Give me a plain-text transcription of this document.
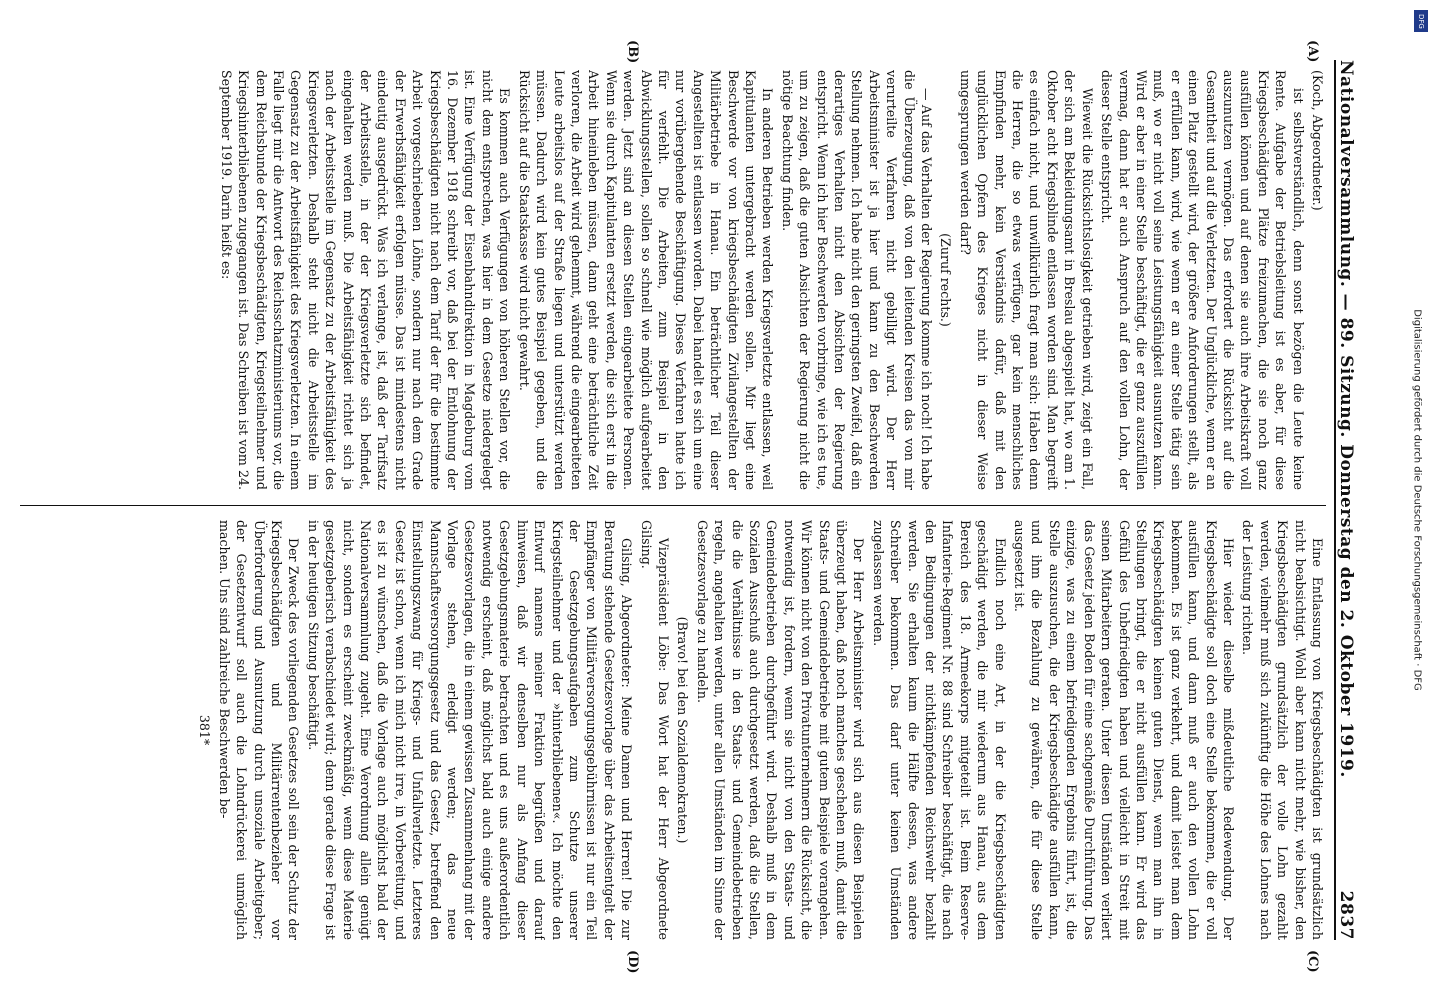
Nationalversammlung. — 89. Sitzung. Donnerstag den 2. Oktober 1919.
2837
(A)
(B)
(C)
(D)

(Koch, Abgeordneter.)

ist selbstverständlich, denn sonst bezögen die Leute keine Rente. Aufgabe der Betriebsleitung ist es aber, für diese Kriegsbeschädigten Plätze freizumachen, die sie noch ganz ausfüllen können und auf denen sie auch ihre Arbeitskraft voll auszunutzen vermögen. Das erfordert die Rücksicht auf die Gesamtheit und auf die Verletzten. Der Unglückliche, wenn er an einen Platz gestellt wird, der größere Anforderungen stellt, als er erfüllen kann, wird, wie wenn er an einer Stelle tätig sein muß, wo er nicht voll seine Leistungsfähigkeit ausnutzen kann. Wird er aber in einer Stelle beschäftigt, die er ganz auszufüllen vermag, dann hat er auch Anspruch auf den vollen Lohn, der dieser Stelle entspricht.

Wieweit die Rücksichtslosigkeit getrieben wird, zeigt ein Fall, der sich am Bekleidungsamt in Breslau abgespielt hat, wo am 1. Oktober acht Kriegsblinde entlassen worden sind. Man begreift es einfach nicht, und unwillkürlich fragt man sich: Haben denn die Herren, die so etwas verfügen, gar kein menschliches Empfinden mehr, kein Verständnis dafür, daß mit den unglücklichen Opfern des Krieges nicht in dieser Weise umgesprungen werden darf?

(Zuruf rechts.)

— Auf das Verhalten der Regierung komme ich noch! Ich habe die Überzeugung, daß von den leitenden Kreisen das von mir verurteilte Verfahren nicht gebilligt wird. Der Herr Arbeitsminister ist ja hier und kann zu den Beschwerden Stellung nehmen. Ich habe nicht den geringsten Zweifel, daß ein derartiges Verhalten nicht den Absichten der Regierung entspricht. Wenn ich hier Beschwerden vorbringe, wie ich es tue, um zu zeigen, daß die guten Absichten der Regierung nicht die nötige Beachtung finden.

In anderen Betrieben werden Kriegsverletzte entlassen, weil Kapitulanten untergebracht werden sollen. Mir liegt eine Beschwerde vor von kriegsbeschädigten Zivilangestellten der Militärbetriebe in Hanau. Ein beträchtlicher Teil dieser Angestellten ist entlassen worden. Dabei handelt es sich um eine nur vorübergehende Beschäftigung. Dieses Verfahren hatte ich für verfehlt. Die Arbeiten, zum Beispiel in den Abwicklungsstellen, sollen so schnell wie möglich aufgearbeitet werden. Jetzt sind an diesen Stellen eingearbeitete Personen. Wenn sie durch Kapitulanten ersetzt werden, die sich erst in die Arbeit hineinleben müssen, dann geht eine beträchtliche Zeit verloren, die Arbeit wird gehemmt, während die eingearbeiteten Leute arbeitslos auf der Straße liegen und unterstützt werden müssen. Dadurch wird kein gutes Beispiel gegeben, und die Rücksicht auf die Staatskasse wird nicht gewahrt.

Es kommen auch Verfügungen von höheren Stellen vor, die nicht dem entsprechen, was hier in dem Gesetze niedergelegt ist. Eine Verfügung der Eisenbahndirektion in Magdeburg vom 16. Dezember 1918 schreibt vor, daß bei der Entlohnung der Kriegsbeschädigten nicht nach dem Tarif der für die bestimmte Arbeit vorgeschriebenen Löhne, sondern nur nach dem Grade der Erwerbsfähigkeit erfolgen müsse. Das ist mindestens nicht eindeutig ausgedrückt. Was ich verlange, ist, daß der Tarifsatz der Arbeitsstelle, in der der Kriegsverletzte sich befindet, eingehalten werden muß. Die Arbeitsfähigkeit richtet sich ja nach der Arbeitsstelle im Gegensatz zu der Arbeitsfähigkeit des Kriegsverletzten. Deshalb steht nicht die Arbeitsstelle im Gegensatz zu der Arbeitsfähigkeit des Kriegsverletzten. In einem Falle liegt mir die Antwort des Reichsschatzministeriums vor, die dem Reichsbunde der Kriegsbeschädigten, Kriegsteilnehmer und Kriegshinterbliebenen zugegangen ist. Das Schreiben ist vom 24. September 1919. Darin heißt es:

Eine Entlassung von Kriegsbeschädigten ist grundsätzlich nicht beabsichtigt. Wohl aber kann nicht mehr, wie bisher, den Kriegsbeschädigten grundsätzlich der volle Lohn gezahlt werden, vielmehr muß sich zukünftig die Höhe des Lohnes nach der Leistung richten.

Hier wieder dieselbe mißdeutliche Redewendung. Der Kriegsbeschädigte soll doch eine Stelle bekommen, die er voll ausfüllen kann, und dann muß er auch den vollen Lohn bekommen. Es ist ganz verkehrt, und damit leistet man dem Kriegsbeschädigten keinen guten Dienst, wenn man ihn in Stellungen bringt, die er nicht ausfüllen kann. Er wird das Gefühl des Unbefriedigten haben und vielleicht in Streit mit seinen Mitarbeitern geraten. Unter diesen Umständen verliert das Gesetz jeden Boden für eine sachgemäße Durchführung. Das einzige, was zu einem befriedigenden Ergebnis führt, ist, die Stelle auszusuchen, die der Kriegsbeschädigte ausfüllen kann, und ihm die Bezahlung zu gewähren, die für diese Stelle ausgesetzt ist.

Endlich noch eine Art, in der die Kriegsbeschädigten geschädigt werden, die mir wiederum aus Hanau, aus dem Bereich des 18. Armeekorps mitgeteilt ist. Beim Reserve-Infanterie-Regiment Nr. 88 sind Schreiber beschäftigt, die nach den Bedingungen der nichtkämpfenden Reichswehr bezahlt werden. Sie erhalten kaum die Hälfte dessen, was andere Schreiber bekommen. Das darf unter keinen Umständen zugelassen werden.

Der Herr Arbeitsminister wird sich aus diesen Beispielen überzeugt haben, daß noch manches geschehen muß, damit die Staats- und Gemeindebetriebe mit gutem Beispiele vorangehen. Wir können nicht von den Privatunternehmern die Rücksicht, die notwendig ist, fordern, wenn sie nicht von den Staats- und Gemeindebetrieben durchgeführt wird. Deshalb muß in dem Sozialen Ausschuß auch durchgesetzt werden, daß die Stellen, die die Verhältnisse in den Staats- und Gemeindebetrieben regeln, angehalten werden, unter allen Umständen im Sinne der Gesetzesvorlage zu handeln.

(Bravo! bei den Sozialdemokraten.)

Vizepräsident Löbe: Das Wort hat der Herr Abgeordnete Gilsing.

Gilsing, Abgeordneter: Meine Damen und Herren! Die zur Beratung stehende Gesetzesvorlage über das Arbeitsentgelt der Empfänger von Militärversorgungsgebührnissen ist nur ein Teil der Gesetzgebungsaufgaben zum Schutze unserer Kriegsteilnehmer und der »hinterbliebenen«. Ich möchte den Entwurf namens meiner Fraktion begrüßen und darauf hinweisen, daß wir denselben nur als Anfang dieser Gesetzgebungsmaterie betrachten und es uns außerordentlich notwendig erscheint, daß möglichst bald auch einige andere Gesetzesvorlagen, die in einem gewissen Zusammenhang mit der Vorlage stehen, erledigt werden; das neue Mannschaftsversorgungsgesetz und das Gesetz, betreffend den Einstellungszwang für Kriegs- und Unfallverletzte. Letzteres Gesetz ist schon, wenn ich mich nicht irre, in Vorbereitung, und es ist zu wünschen, daß die Vorlage auch möglichst bald der Nationalversammlung zugeht. Eine Verordnung allein genügt nicht, sondern es erscheint zweckmäßig, wenn diese Materie gesetzgeberisch verabschiedet wird; denn gerade diese Frage ist in der heutigen Sitzung beschäftigt.

Der Zweck des vorliegenden Gesetzes soll sein der Schutz der Kriegsbeschädigten und Militärrentenbezieher vor Überforderung und Ausnutzung durch unsoziale Arbeitgeber; der Gesetzentwurf soll auch die Lohndrückerei unmöglich machen. Uns sind zahlreiche Beschwerden be-

381*

Digitalisierung gefördert durch die Deutsche Forschungsgemeinschaft · DFG
DFG
